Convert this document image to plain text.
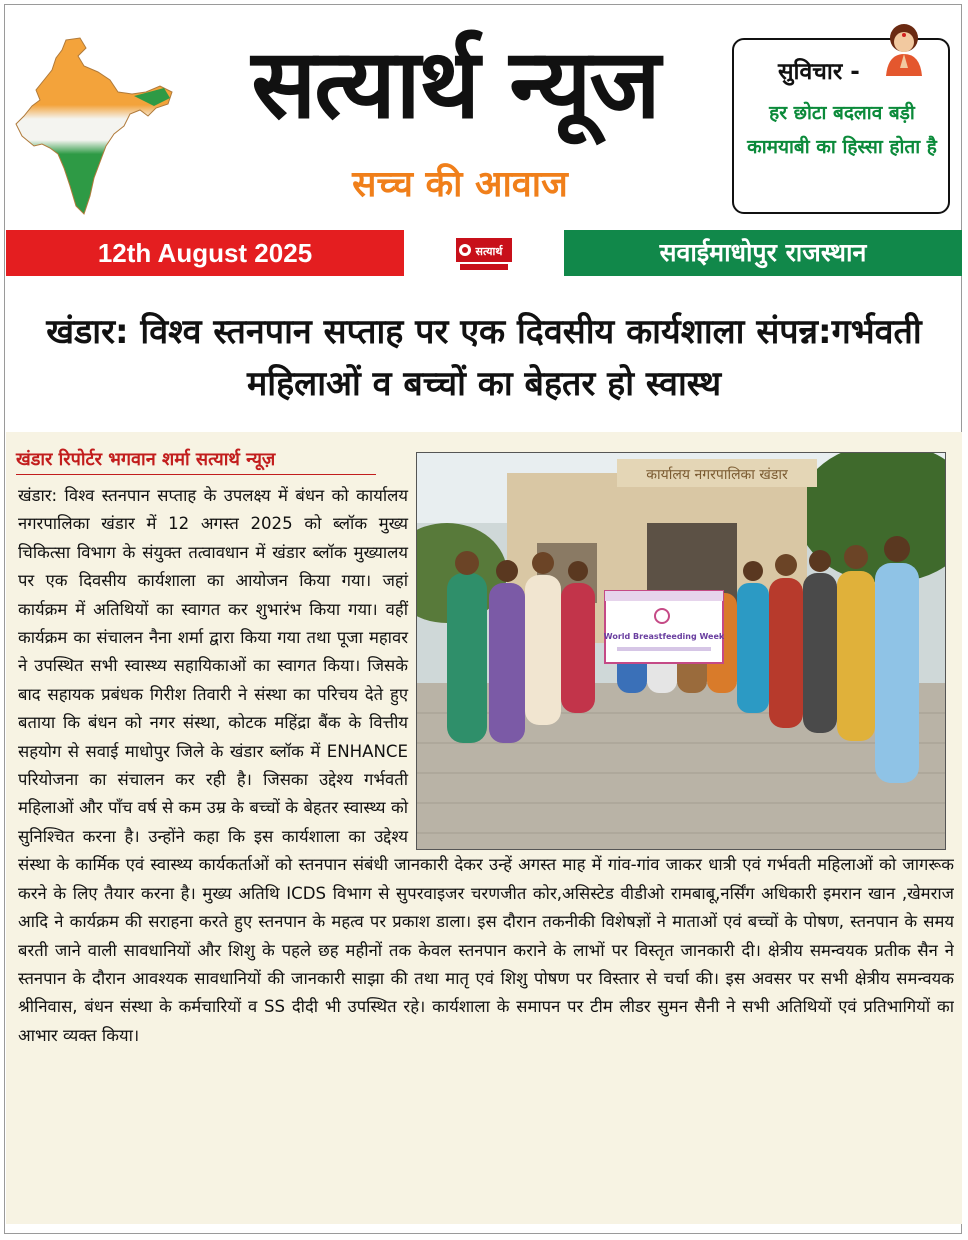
सत्यार्थ न्यूज
सच्च की आवाज
सुविचार -
हर छोटा बदलाव बड़ी कामयाबी का हिस्सा होता है
12th August 2025	सत्यार्थ	सवाईमाधोपुर राजस्थान
खंडार: विश्व स्तनपान सप्ताह पर एक दिवसीय कार्यशाला संपन्न:गर्भवती महिलाओं व बच्चों का बेहतर हो स्वास्थ
खंडार रिपोर्टर भगवान शर्मा सत्यार्थ न्यूज़
कार्यालय नगरपालिका खंडार
World Breastfeeding Week
खंडार: विश्व स्तनपान सप्ताह के उपलक्ष्य में बंधन को कार्यालय नगरपालिका खंडार में 12 अगस्त 2025 को ब्लॉक मुख्य चिकित्सा विभाग के संयुक्त तत्वावधान में खंडार ब्लॉक मुख्यालय पर एक दिवसीय कार्यशाला का आयोजन किया गया। जहां कार्यक्रम में अतिथियों का स्वागत कर शुभारंभ किया गया। वहीं कार्यक्रम का संचालन नैना शर्मा द्वारा किया गया तथा पूजा महावर ने उपस्थित सभी स्वास्थ्य सहायिकाओं का स्वागत किया। जिसके बाद सहायक प्रबंधक गिरीश तिवारी ने संस्था का परिचय देते हुए बताया कि बंधन को नगर संस्था, कोटक महिंद्रा बैंक के वित्तीय सहयोग से सवाई माधोपुर जिले के खंडार ब्लॉक में ENHANCE परियोजना का संचालन कर रही है। जिसका उद्देश्य गर्भवती महिलाओं और पाँच वर्ष से कम उम्र के बच्चों के बेहतर स्वास्थ्य को सुनिश्चित करना है। उन्होंने कहा कि इस कार्यशाला का उद्देश्य संस्था के कार्मिक एवं स्वास्थ्य कार्यकर्ताओं को स्तनपान संबंधी जानकारी देकर उन्हें अगस्त माह में गांव-गांव जाकर धात्री एवं गर्भवती महिलाओं को जागरूक करने के लिए तैयार करना है। मुख्य अतिथि ICDS विभाग से सुपरवाइजर चरणजीत कोर,असिस्टेड वीडीओ रामबाबू,नर्सिंग अधिकारी इमरान खान ,खेमराज आदि ने कार्यक्रम की सराहना करते हुए स्तनपान के महत्व पर प्रकाश डाला। इस दौरान तकनीकी विशेषज्ञों ने माताओं एवं बच्चों के पोषण, स्तनपान के समय बरती जाने वाली सावधानियों और शिशु के पहले छह महीनों तक केवल स्तनपान कराने के लाभों पर विस्तृत जानकारी दी। क्षेत्रीय समन्वयक प्रतीक सैन ने स्तनपान के दौरान आवश्यक सावधानियों की जानकारी साझा की तथा मातृ एवं शिशु पोषण पर विस्तार से चर्चा की। इस अवसर पर सभी क्षेत्रीय समन्वयक श्रीनिवास, बंधन संस्था के कर्मचारियों व SS दीदी भी उपस्थित रहे। कार्यशाला के समापन पर टीम लीडर सुमन सैनी ने सभी अतिथियों एवं प्रतिभागियों का आभार व्यक्त किया।
